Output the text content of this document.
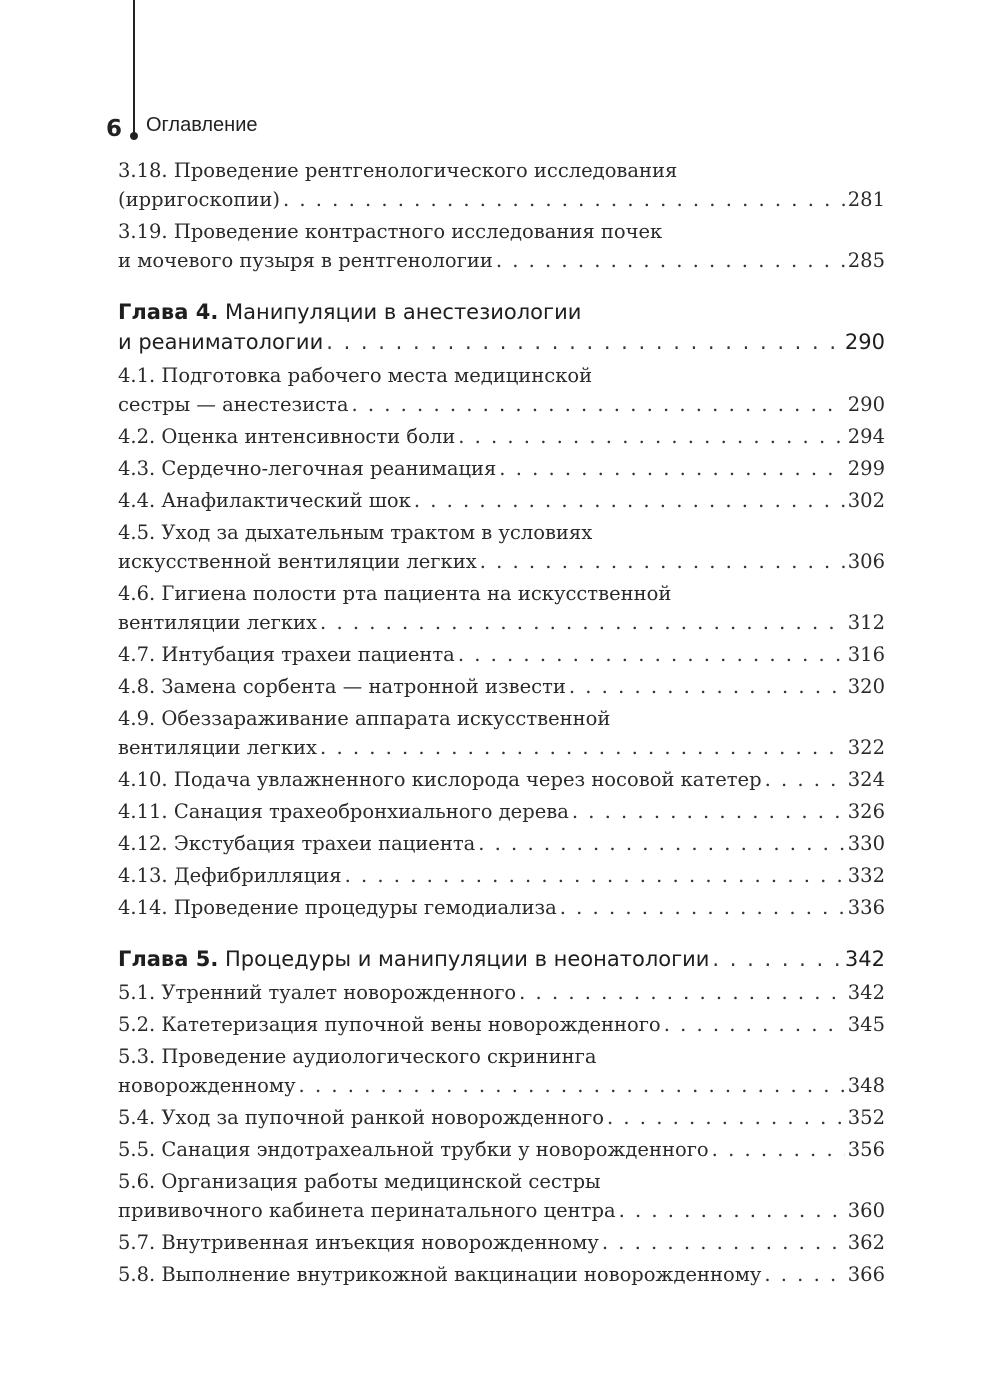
6 Оглавление
3.18. Проведение рентгенологического исследования
(ирригоскопии) . . .	281
3.19. Проведение контрастного исследования почек
и мочевого пузыря в рентгенологии . . .	285
Глава 4. Манипуляции в анестезиологии
и реаниматологии . . .	290
4.1. Подготовка рабочего места медицинской
сестры — анестезиста . . .	290
4.2. Оценка интенсивности боли . . .	294
4.3. Сердечно-легочная реанимация . . .	299
4.4. Анафилактический шок . . .	302
4.5. Уход за дыхательным трактом в условиях
искусственной вентиляции легких . . .	306
4.6. Гигиена полости рта пациента на искусственной
вентиляции легких . . .	312
4.7. Интубация трахеи пациента . . .	316
4.8. Замена сорбента — натронной извести . . .	320
4.9. Обеззараживание аппарата искусственной
вентиляции легких . . .	322
4.10. Подача увлажненного кислорода через носовой катетер . . .	324
4.11. Санация трахеобронхиального дерева . . .	326
4.12. Экстубация трахеи пациента . . .	330
4.13. Дефибрилляция . . .	332
4.14. Проведение процедуры гемодиализа . . .	336
Глава 5. Процедуры и манипуляции в неонатологии . . .	342
5.1. Утренний туалет новорожденного . . .	342
5.2. Катетеризация пупочной вены новорожденного . . .	345
5.3. Проведение аудиологического скрининга
новорожденному . . .	348
5.4. Уход за пупочной ранкой новорожденного . . .	352
5.5. Санация эндотрахеальной трубки у новорожденного . . .	356
5.6. Организация работы медицинской сестры
прививочного кабинета перинатального центра . . .	360
5.7. Внутривенная инъекция новорожденному . . .	362
5.8. Выполнение внутрикожной вакцинации новорожденному . . .	366
